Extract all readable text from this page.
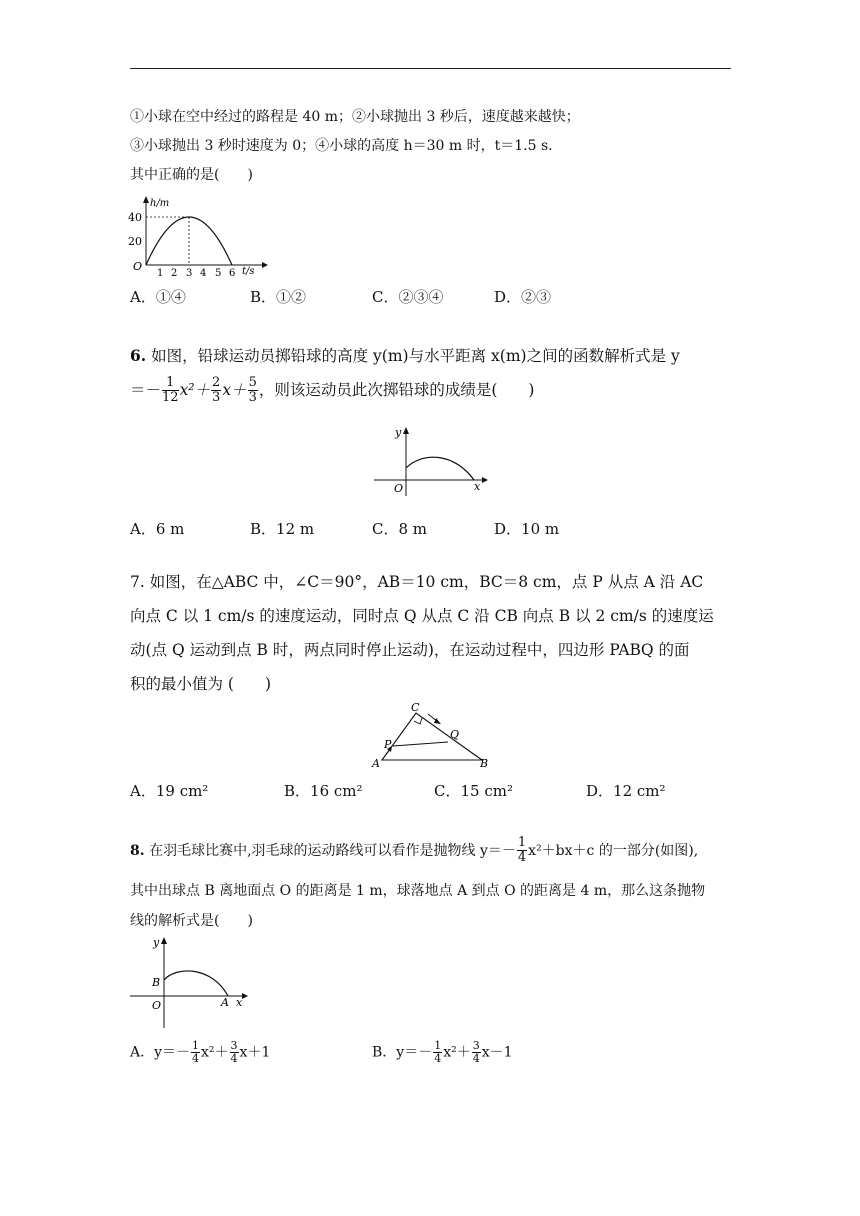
①小球在空中经过的路程是 40 m；②小球抛出 3 秒后，速度越来越快；
③小球抛出 3 秒时速度为 0；④小球的高度 h＝30 m 时，t＝1.5 s.
其中正确的是(　　)
h/m
40
20
O
1 2 3 4 5 6 t/s
A．①④	B．①②	C．②③④	D．②③
6. 如图，铅球运动员掷铅球的高度 y(m)与水平距离 x(m)之间的函数解析式是 y
＝－ $\frac{1}{12} x^2+ \frac{2}{3} x+ \frac{5}{3}$ ，则该运动员此次掷铅球的成绩是(　　)
y
x
O
A．6 m	B．12 m	C．8 m	D．10 m
7. 如图，在△ABC 中，∠C＝90°，AB＝10 cm，BC＝8 cm，点 P 从点 A 沿 AC
向点 C 以 1 cm/s 的速度运动，同时点 Q 从点 C 沿 CB 向点 B 以 2 cm/s 的速度运
动(点 Q 运动到点 B 时，两点同时停止运动)，在运动过程中，四边形 PABQ 的面
积的最小值为 (　　)
C
P
Q
A	B
A．19 cm²	B．16 cm²	C．15 cm²	D．12 cm²
8. 在羽毛球比赛中,羽毛球的运动路线可以看作是抛物线 $y=- \frac{1}{4} x^2+bx+c$ 的一部分(如图),
其中出球点 B 离地面点 O 的距离是 1 m，球落地点 A 到点 O 的距离是 4 m，那么这条抛物
线的解析式是(　　)
y
B
O	A x
A．$y=- \frac{1}{4} x^2+ \frac{3}{4} x+1$	B．$y=- \frac{1}{4} x^2+ \frac{3}{4} x-1$
